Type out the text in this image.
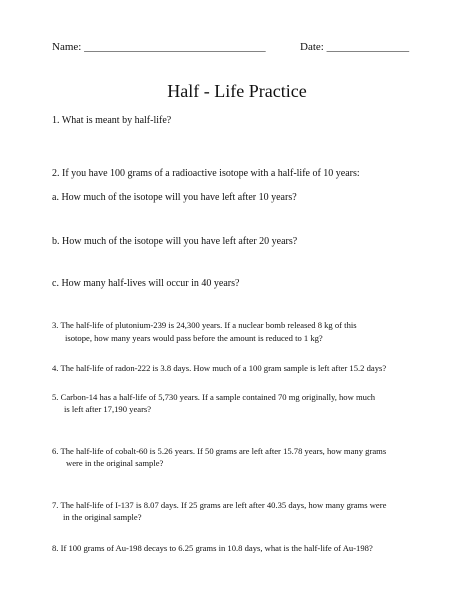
Name: _________________________________	Date: _______________
Half - Life Practice
1. What is meant by half-life?
2. If you have 100 grams of a radioactive isotope with a half-life of 10 years:
a. How much of the isotope will you have left after 10 years?
b. How much of the isotope will you have left after 20 years?
c. How many half-lives will occur in 40 years?
3. The half-life of plutonium-239 is 24,300 years. If a nuclear bomb released 8 kg of this
isotope, how many years would pass before the amount is reduced to 1 kg?
4. The half-life of radon-222 is 3.8 days. How much of a 100 gram sample is left after 15.2 days?
5. Carbon-14 has a half-life of 5,730 years. If a sample contained 70 mg originally, how much
is left after 17,190 years?
6. The half-life of cobalt-60 is 5.26 years. If 50 grams are left after 15.78 years, how many grams
were in the original sample?
7. The half-life of I-137 is 8.07 days. If 25 grams are left after 40.35 days, how many grams were
in the original sample?
8. If 100 grams of Au-198 decays to 6.25 grams in 10.8 days, what is the half-life of Au-198?
